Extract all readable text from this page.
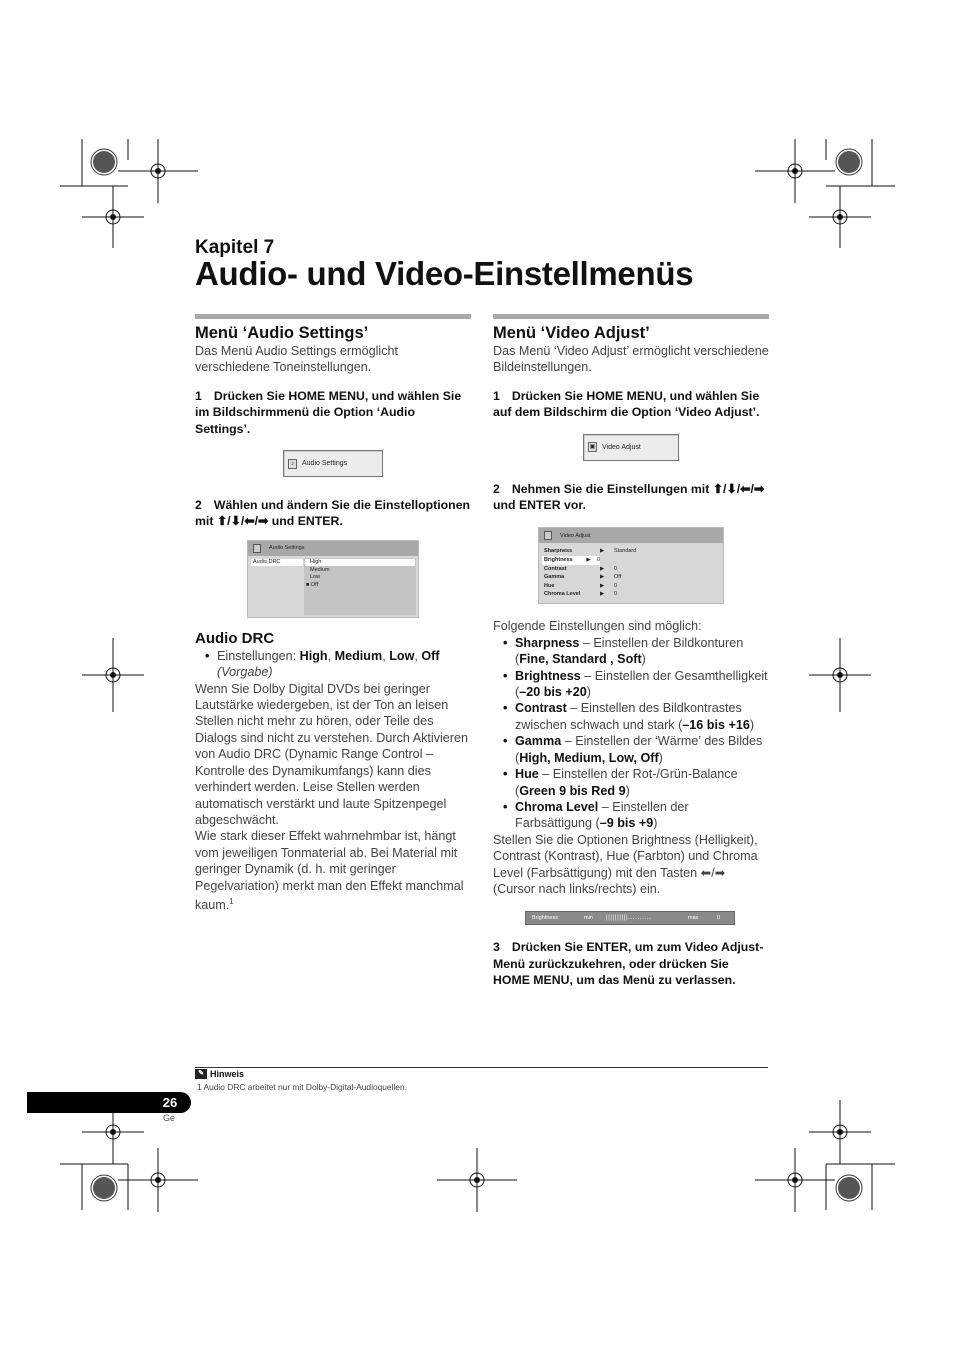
Kapitel 7
Audio- und Video-Einstellmenüs
Menü ‘Audio Settings’
Das Menü Audio Settings ermöglicht verschiedene Toneinstellungen.
1 Drücken Sie HOME MENU, und wählen Sie im Bildschirmmenü die Option ‘Audio Settings’.
♪	Audio Settings
2 Wählen und ändern Sie die Einstelloptionen mit ⬆/⬇/⬅/➡ und ENTER.
Audio Settings
Audio DRC	High
Medium
Low
■ Off
Audio DRC
• Einstellungen: High, Medium, Low, Off (Vorgabe)
Wenn Sie Dolby Digital DVDs bei geringer Lautstärke wiedergeben, ist der Ton an leisen Stellen nicht mehr zu hören, oder Teile des Dialogs sind nicht zu verstehen. Durch Aktivieren von Audio DRC (Dynamic Range Control – Kontrolle des Dynamikumfangs) kann dies verhindert werden. Leise Stellen werden automatisch verstärkt und laute Spitzenpegel abgeschwächt.
Wie stark dieser Effekt wahrnehmbar ist, hängt vom jeweiligen Tonmaterial ab. Bei Material mit geringer Dynamik (d. h. mit geringer Pegelvariation) merkt man den Effekt manchmal kaum.$^1$
Menü ‘Video Adjust’
Das Menü ‘Video Adjust’ ermöglicht verschiedene Bildeinstellungen.
1 Drücken Sie HOME MENU, und wählen Sie auf dem Bildschirm die Option ‘Video Adjust’.
▣ Video Adjust
2 Nehmen Sie die Einstellungen mit ⬆/⬇/⬅/➡ und ENTER vor.
Video Adjust
Sharpness	▶	Standard
Brightness	▶	0
Contrast	▶	0
Gamma	▶	Off
Hue	▶	0
Chroma Level	▶	0
Folgende Einstellungen sind möglich:
• Sharpness – Einstellen der Bildkonturen (Fine, Standard , Soft)
• Brightness – Einstellen der Gesamthelligkeit (–20 bis +20)
• Contrast – Einstellen des Bildkontrastes zwischen schwach und stark (–16 bis +16)
• Gamma – Einstellen der ‘Wärme’ des Bildes (High, Medium, Low, Off)
• Hue – Einstellen der Rot-/Grün-Balance (Green 9 bis Red 9)
• Chroma Level – Einstellen der Farbsättigung (–9 bis +9)
Stellen Sie die Optionen Brightness (Helligkeit), Contrast (Kontrast), Hue (Farbton) und Chroma Level (Farbsättigung) mit den Tasten ⬅/➡ (Cursor nach links/rechts) ein.
Brightness	min	| | | | | | | | | | . . . . . . . . . .	max	0
3 Drücken Sie ENTER, um zum Video Adjust-Menü zurückzukehren, oder drücken Sie HOME MENU, um das Menü zu verlassen.
✎ Hinweis
1 Audio DRC arbeitet nur mit Dolby-Digital-Audioquellen.
26
Ge
